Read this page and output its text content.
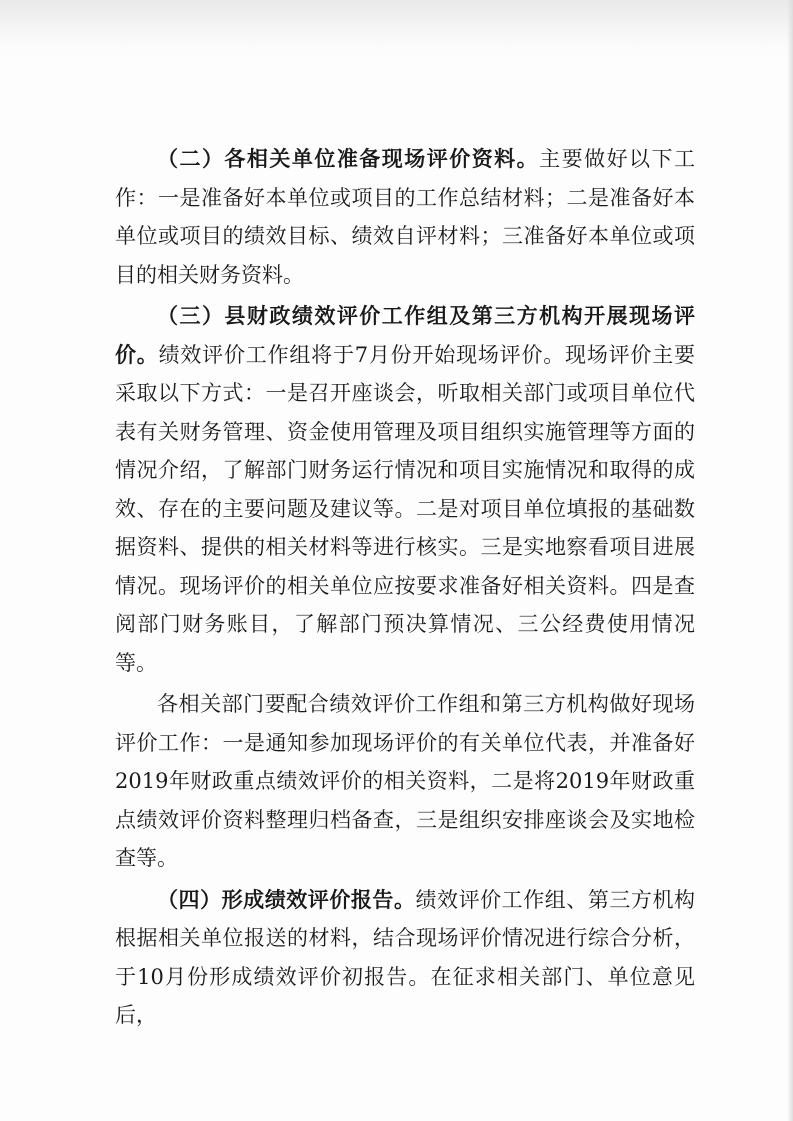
（二）各相关单位准备现场评价资料。主要做好以下工作：一是准备好本单位或项目的工作总结材料；二是准备好本单位或项目的绩效目标、绩效自评材料；三准备好本单位或项目的相关财务资料。

（三）县财政绩效评价工作组及第三方机构开展现场评价。绩效评价工作组将于7月份开始现场评价。现场评价主要采取以下方式：一是召开座谈会，听取相关部门或项目单位代表有关财务管理、资金使用管理及项目组织实施管理等方面的情况介绍，了解部门财务运行情况和项目实施情况和取得的成效、存在的主要问题及建议等。二是对项目单位填报的基础数据资料、提供的相关材料等进行核实。三是实地察看项目进展情况。现场评价的相关单位应按要求准备好相关资料。四是查阅部门财务账目，了解部门预决算情况、三公经费使用情况等。

各相关部门要配合绩效评价工作组和第三方机构做好现场评价工作：一是通知参加现场评价的有关单位代表，并准备好2019年财政重点绩效评价的相关资料，二是将2019年财政重点绩效评价资料整理归档备查，三是组织安排座谈会及实地检查等。

（四）形成绩效评价报告。绩效评价工作组、第三方机构根据相关单位报送的材料，结合现场评价情况进行综合分析，于10月份形成绩效评价初报告。在征求相关部门、单位意见后，
